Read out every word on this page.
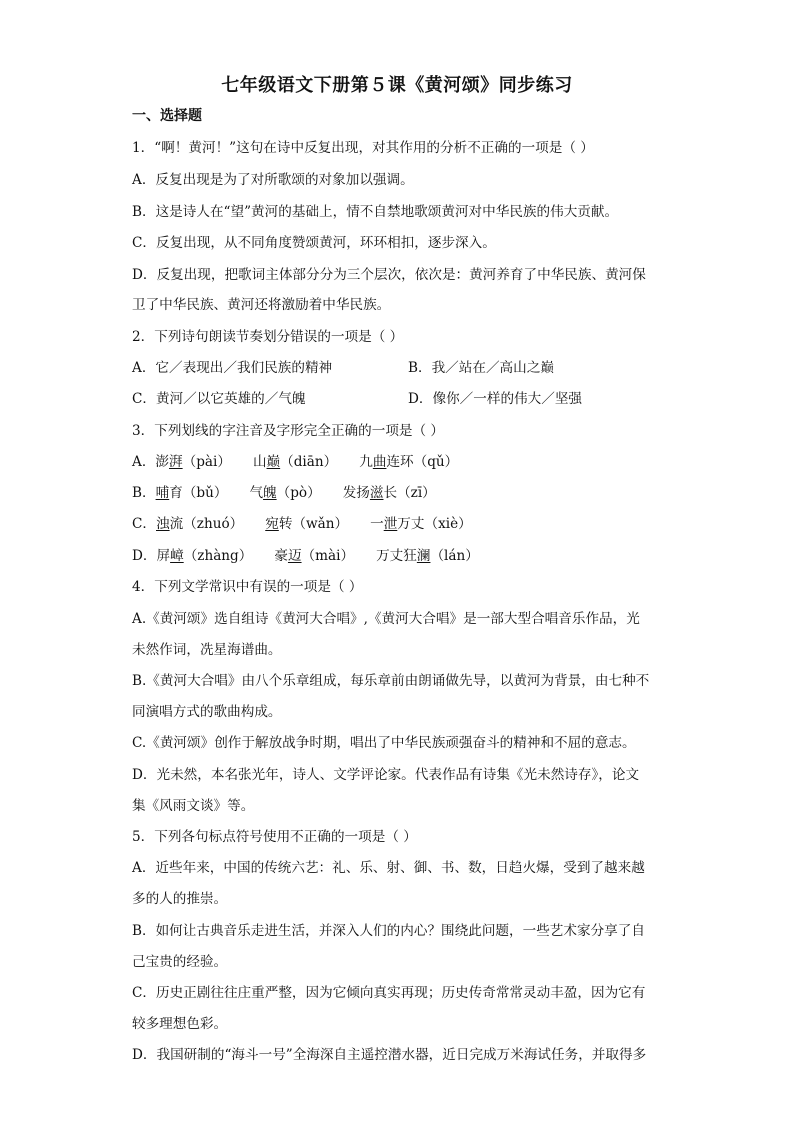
七年级语文下册第５课《黄河颂》同步练习
一、选择题
1．“啊！黄河！”这句在诗中反复出现，对其作用的分析不正确的一项是（ ）
A．反复出现是为了对所歌颂的对象加以强调。
B．这是诗人在“望”黄河的基础上，情不自禁地歌颂黄河对中华民族的伟大贡献。
C．反复出现，从不同角度赞颂黄河，环环相扣，逐步深入。
D．反复出现，把歌词主体部分分为三个层次，依次是：黄河养育了中华民族、黄河保
卫了中华民族、黄河还将激励着中华民族。
2．下列诗句朗读节奏划分错误的一项是（ ）
A．它／表现出／我们民族的精神	B．我／站在／高山之巅
C．黄河／以它英雄的／气魄	D．像你／一样的伟大／坚强
3．下列划线的字注音及字形完全正确的一项是（ ）
A．澎湃（pài） 山巅（diān） 九曲连环（qǔ）
B．哺育（bǔ） 气魄（pò） 发扬滋长（zī）
C．浊流（zhuó） 宛转（wǎn） 一泄万丈（xiè）
D．屏嶂（zhàng） 豪迈（mài） 万丈狂澜（lán）
4．下列文学常识中有误的一项是（ ）
A.《黄河颂》选自组诗《黄河大合唱》,《黄河大合唱》是一部大型合唱音乐作品，光
未然作词，冼星海谱曲。
B.《黄河大合唱》由八个乐章组成，每乐章前由朗诵做先导，以黄河为背景，由七种不
同演唱方式的歌曲构成。
C.《黄河颂》创作于解放战争时期，唱出了中华民族顽强奋斗的精神和不屈的意志。
D．光未然，本名张光年，诗人、文学评论家。代表作品有诗集《光未然诗存》，论文
集《风雨文谈》等。
5．下列各句标点符号使用不正确的一项是（ ）
A．近些年来，中国的传统六艺：礼、乐、射、御、书、数，日趋火爆，受到了越来越
多的人的推崇。
B．如何让古典音乐走进生活，并深入人们的内心？围绕此问题，一些艺术家分享了自
己宝贵的经验。
C．历史正剧往往庄重严整，因为它倾向真实再现；历史传奇常常灵动丰盈，因为它有
较多理想色彩。
D．我国研制的“海斗一号”全海深自主遥控潜水器，近日完成万米海试任务，并取得多
